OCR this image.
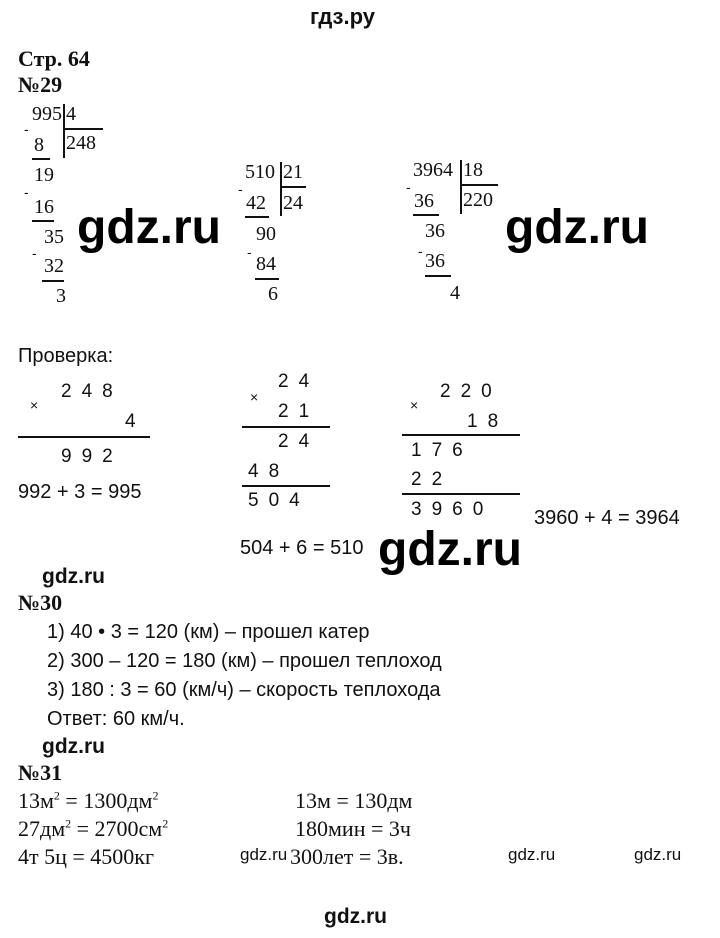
гдз.ру
Стр. 64
№29
995 4
248
-
8
19
-
16
35
-
32
3
510 21
24
-
42
90
-
84
6
3964 18
220
-
36
36
- 36
4
Проверка:
×
248
4
992
992 + 3 = 995
×
24
21
24
48
504
504 + 6 = 510
×
220
18
176
22
3960 3960 + 4 = 3964
gdz.ru	gdz.ru
gdz.ru
gdz.ru
№30
1) 40 • 3 = 120 (км) – прошел катер
2) 300 – 120 = 180 (км) – прошел теплоход
3) 180 : 3 = 60 (км/ч) – скорость теплохода
Ответ: 60 км/ч.
gdz.ru
№31
$13м^2 = 1300дм^2$
$27дм^2 = 2700см^2$
4т 5ц = 4500кг
13м = 130дм
180мин = 3ч
300лет = 3в.
gdz.ru	gdz.ru	gdz.ru
gdz.ru
